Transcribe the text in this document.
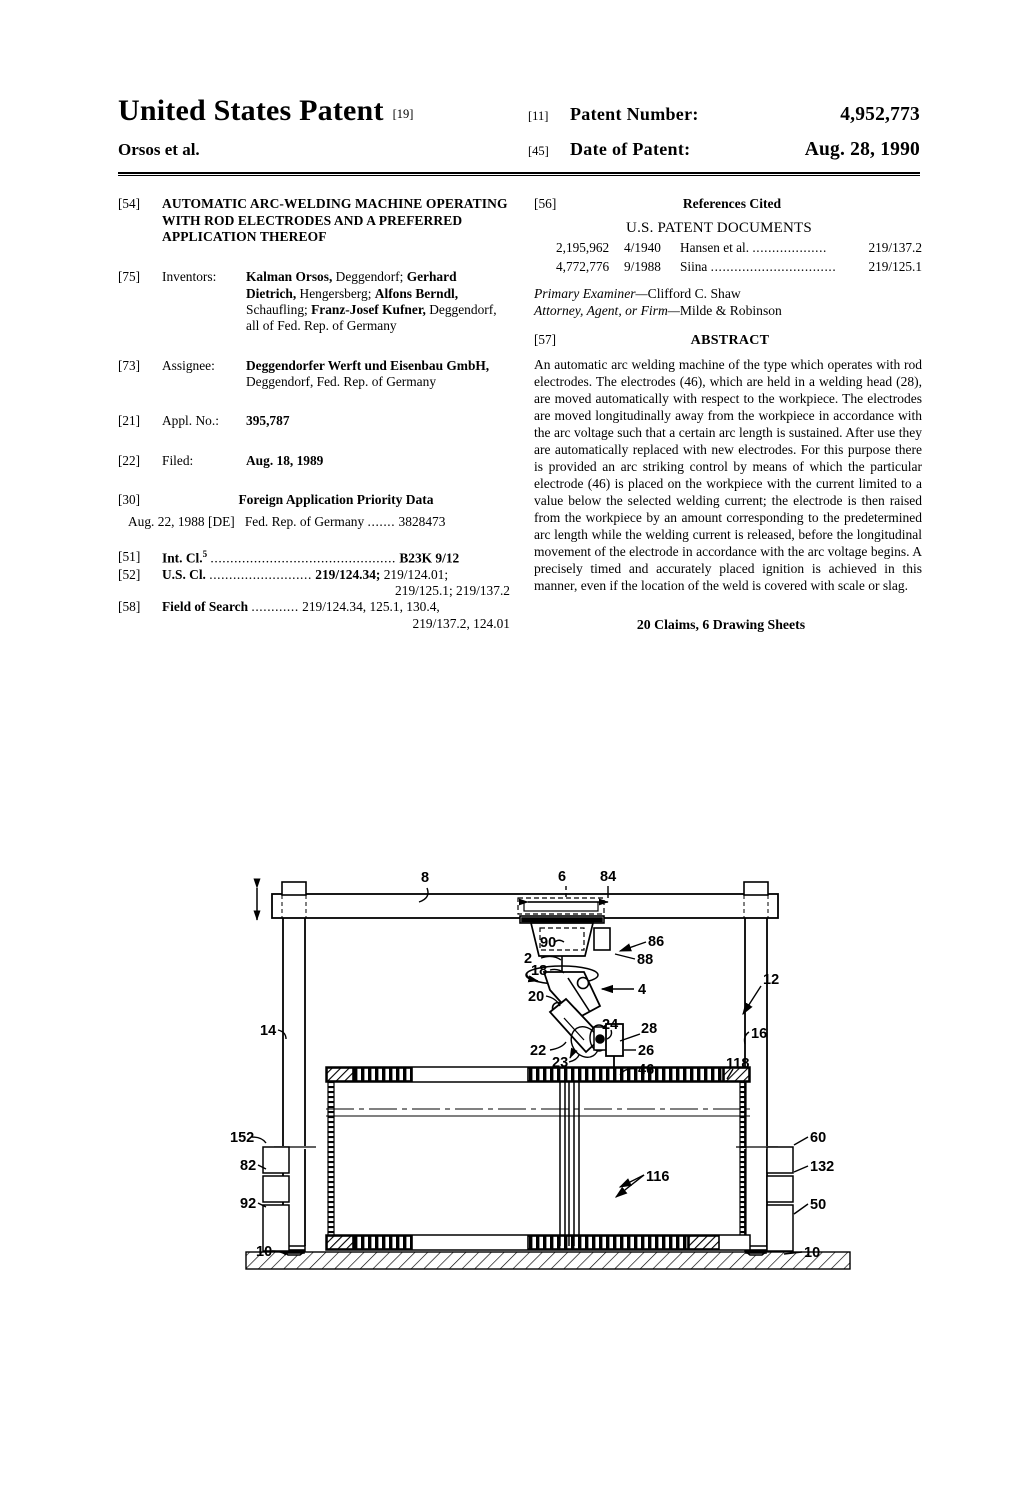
United States Patent [19]	[11]	Patent Number:	4,952,773
Orsos et al.	[45]	Date of Patent:	Aug. 28, 1990
[54]	AUTOMATIC ARC-WELDING MACHINE OPERATING WITH ROD ELECTRODES AND A PREFERRED APPLICATION THEREOF
[75]	Inventors:	Kalman Orsos, Deggendorf; Gerhard Dietrich, Hengersberg; Alfons Berndl, Schaufling; Franz-Josef Kufner, Deggendorf, all of Fed. Rep. of Germany
[73]	Assignee:	Deggendorfer Werft und Eisenbau GmbH, Deggendorf, Fed. Rep. of Germany
[21]	Appl. No.:	395,787
[22]	Filed:	Aug. 18, 1989
[30]	Foreign Application Priority Data
Aug. 22, 1988 [DE] Fed. Rep. of Germany ....... 3828473
[51]	Int. Cl.$^5$ ............................................... B23K 9/12
[52]	U.S. Cl. .......................... 219/124.34; 219/124.01;
219/125.1; 219/137.2
[58]	Field of Search ............ 219/124.34, 125.1, 130.4,
219/137.2, 124.01
[56]	References Cited
U.S. PATENT DOCUMENTS
2,195,962	4/1940	Hansen et al. ...................	219/137.2
4,772,776	9/1988	Siina ................................	219/125.1
Primary Examiner—Clifford C. Shaw
Attorney, Agent, or Firm—Milde & Robinson
[57]	ABSTRACT
An automatic arc welding machine of the type which operates with rod electrodes. The electrodes (46), which are held in a welding head (28), are moved automatically with respect to the workpiece. The electrodes are moved longitudinally away from the workpiece in accordance with the arc voltage such that a certain arc length is sustained. After use they are automatically replaced with new electrodes. For this purpose there is provided an arc striking control by means of which the particular electrode (46) is placed on the workpiece with the current limited to a value below the selected welding current; the electrode is then raised from the workpiece by an amount corresponding to the predetermined arc length while the welding current is released, before the longitudinal movement of the electrode in accordance with the arc voltage begins. A precisely timed and accurately placed ignition is achieved in this manner, even if the location of the weld is covered with scale or slag.
20 Claims, 6 Drawing Sheets
8	6 84
90	86
2	88
18
20	4
12
14	16
24 28
22	26
23	46	118
152	60
82	132
116
92	50
10	10
